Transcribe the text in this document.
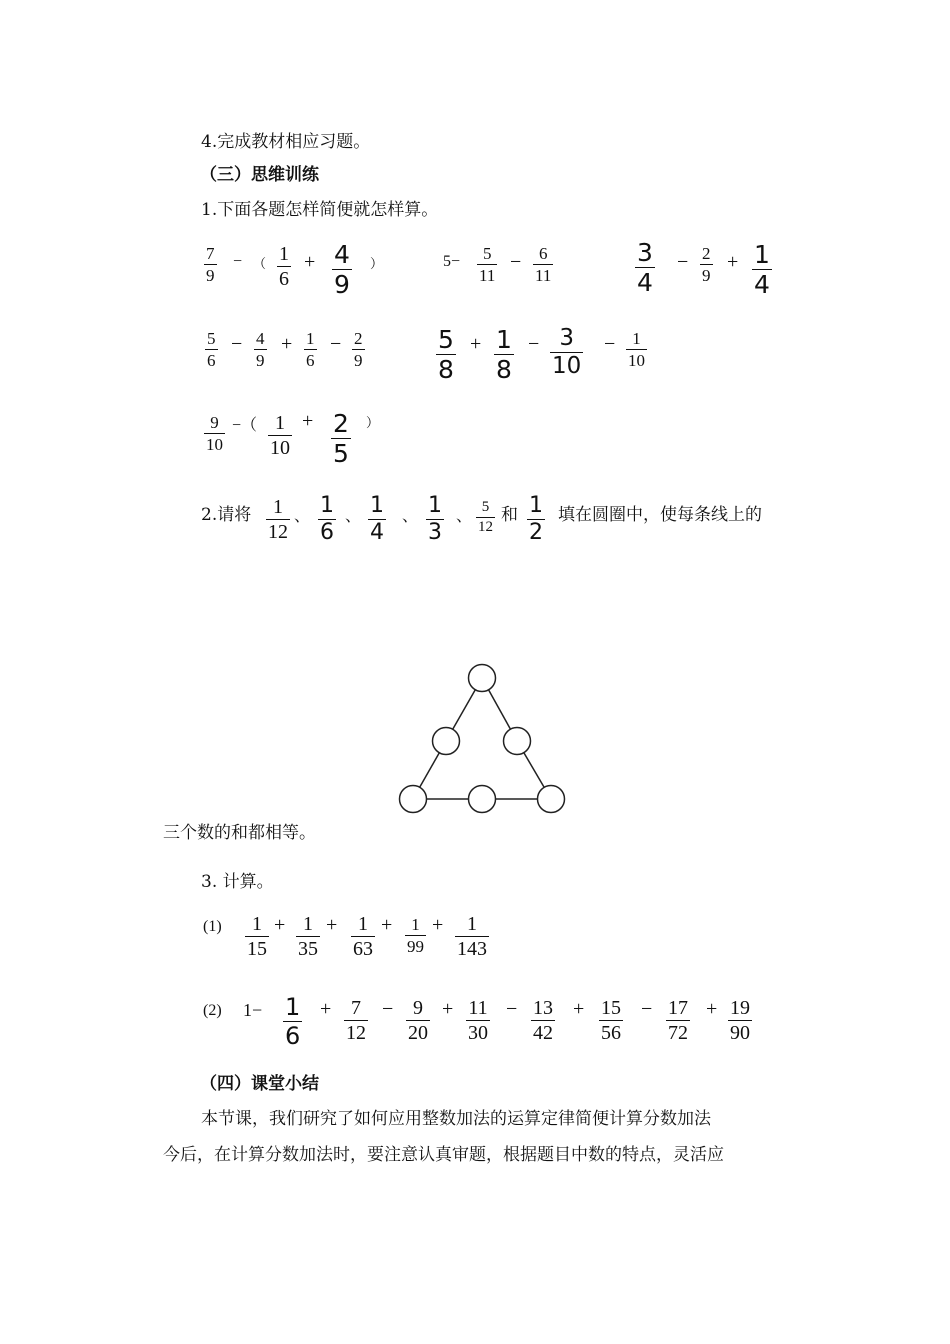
4.完成教材相应习题。
（三）思维训练
1.下面各题怎样简便就怎样算。
7
9
− （ 1
6
+ 4
9
）	5− 5
11
− 6
11
3
4
− 2
9
+ 1
4
5
6
− 4
9
+ 1
6
− 2
9
5
8
+ 1
8
− 3
10
− 1
10
9
10
−（ 1
10
+ 2
5
）
2.请将 1
12
、 1
6
、 1
4
、 1
3
、
5
12
和 1
2
填在圆圈中，使每条线上的
三个数的和都相等。
3. 计算。
(1) 1
15
+ 1
35
+ 1
63
+ 1
99
+	1
143
(2) 1− 1
6
+ 7
12
− 9
20
+ 11
30
− 13
42
+ 15
56
− 17
72
+ 19
90
（四）课堂小结
本节课，我们研究了如何应用整数加法的运算定律简便计算分数加法
今后，在计算分数加法时，要注意认真审题，根据题目中数的特点，灵活应
